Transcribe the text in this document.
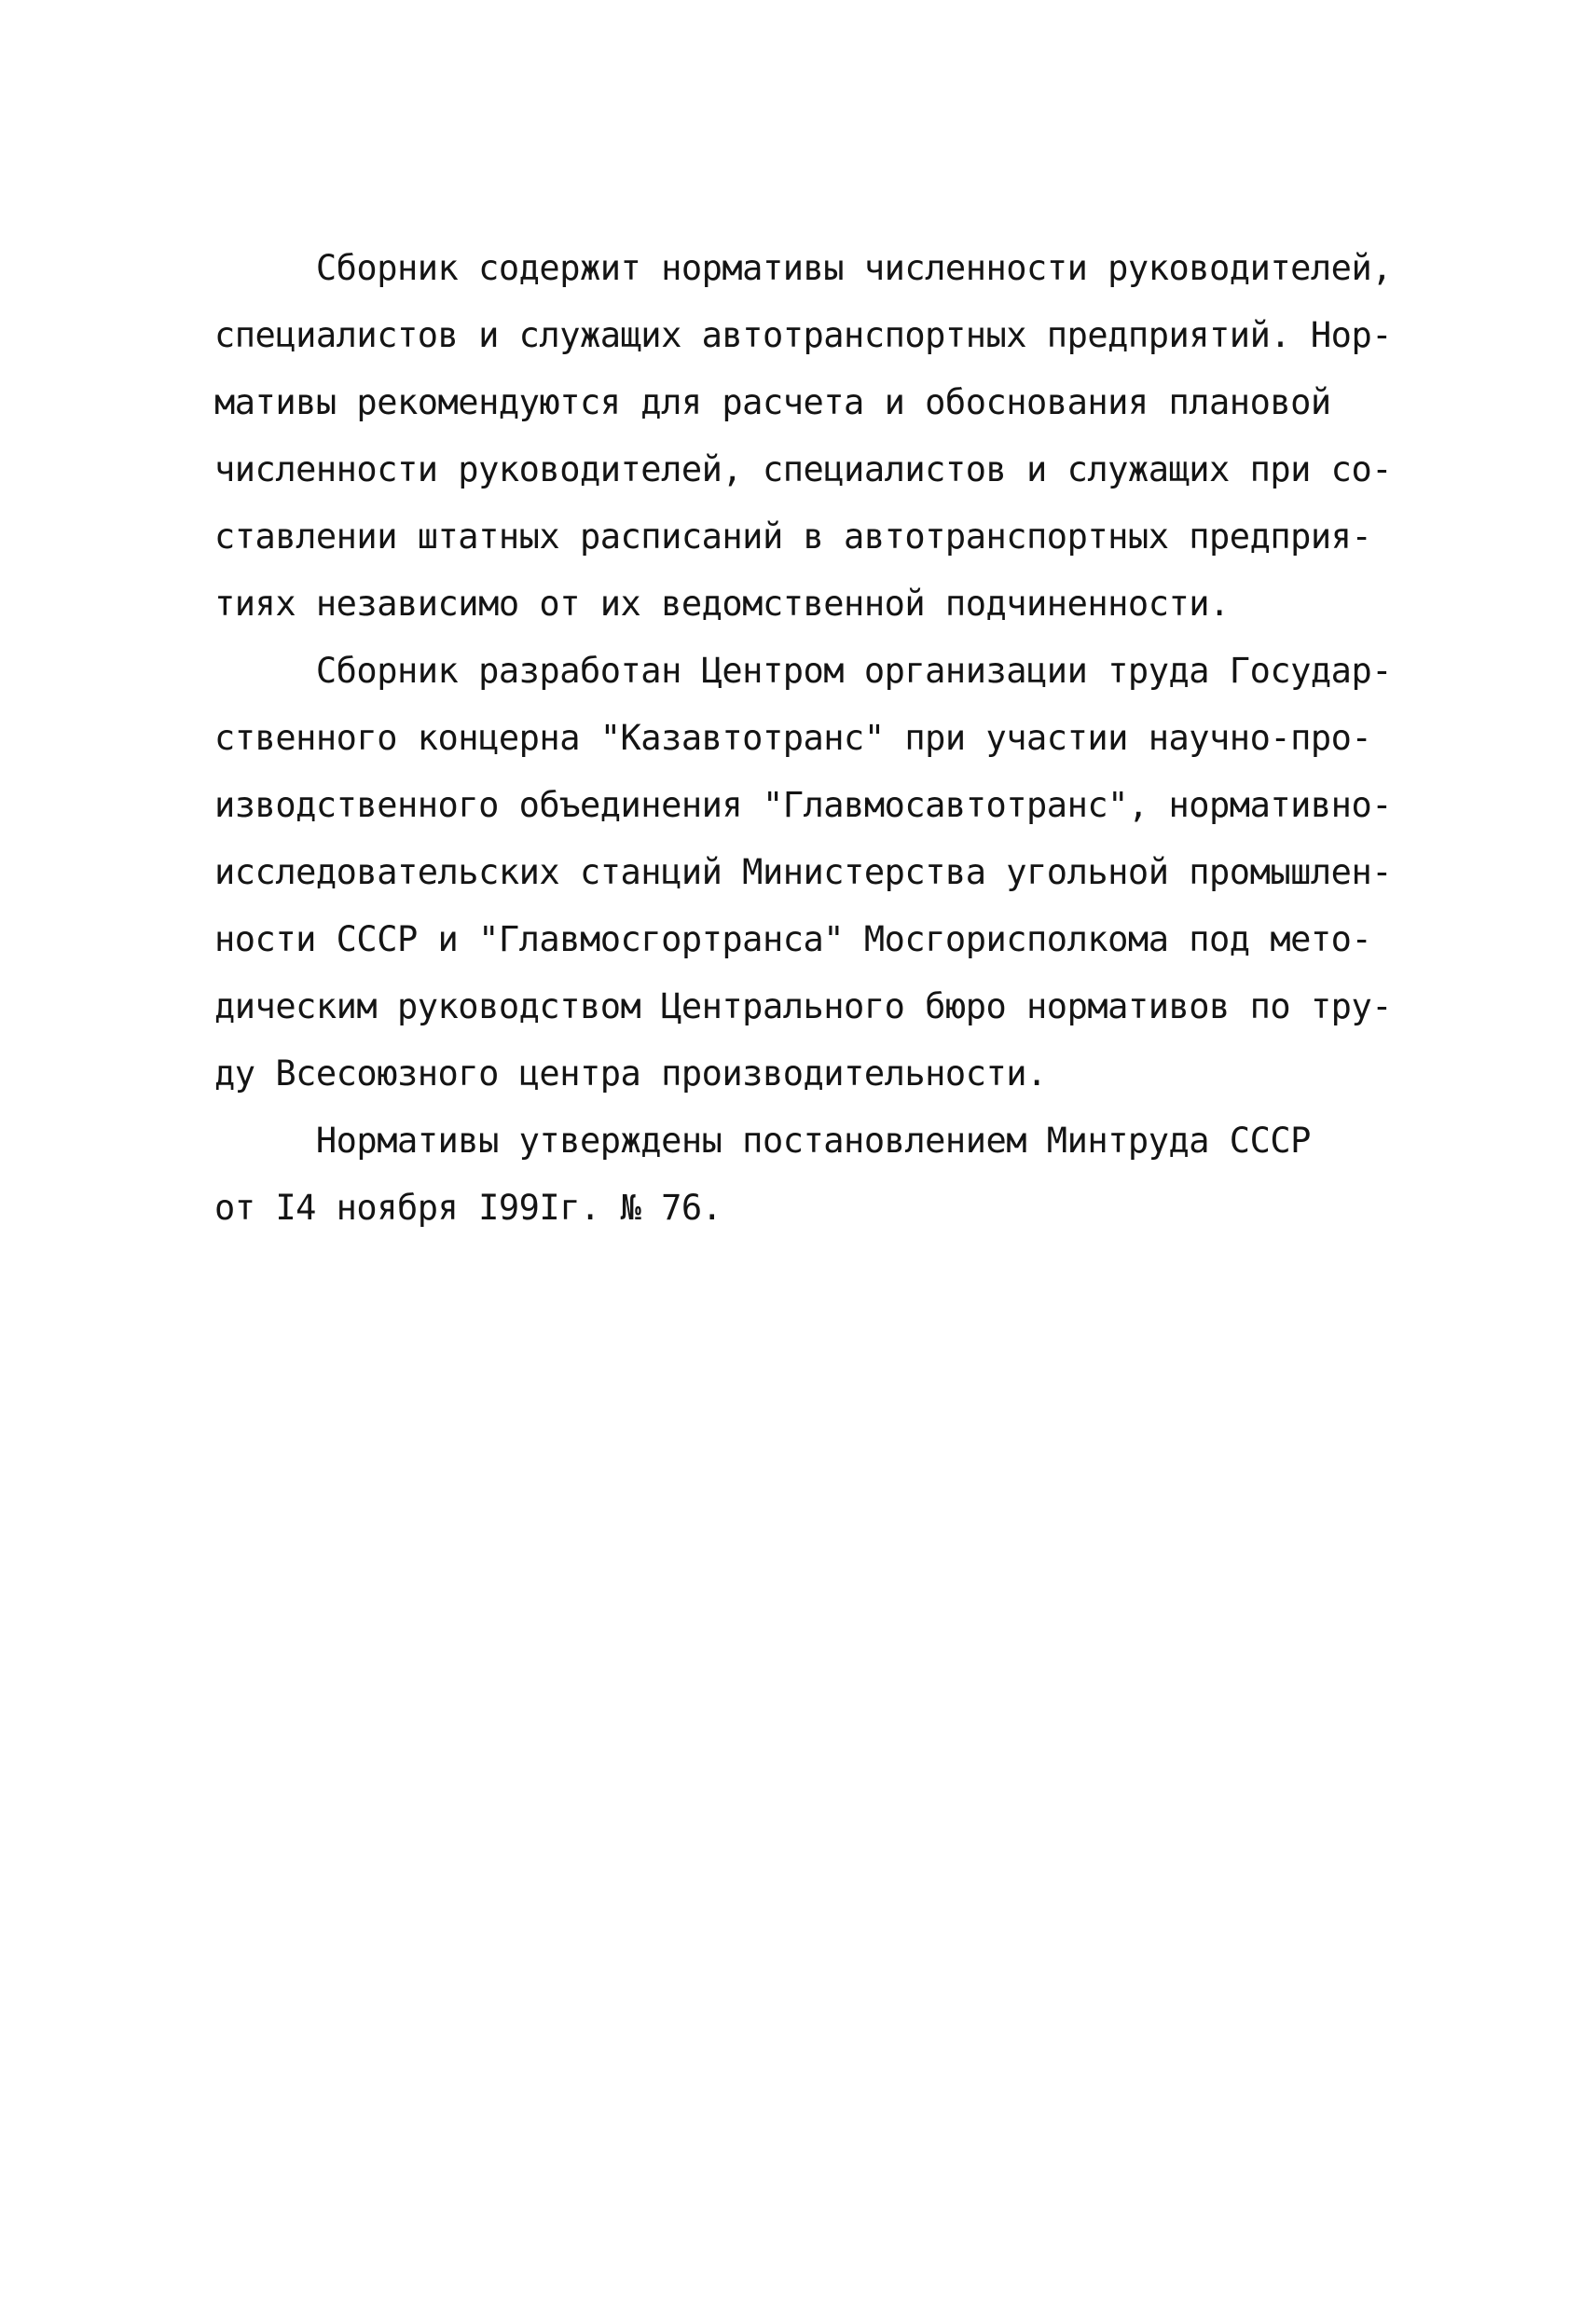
Сборник содержит нормативы численности руководителей,
специалистов и служащих автотранспортных предприятий. Нор-
мативы рекомендуются для расчета и обоснования плановой
численности руководителей, специалистов и служащих при со-
ставлении штатных расписаний в автотранспортных предприя-
тиях независимо от их ведомственной подчиненности.
Сборник разработан Центром организации труда Государ-
ственного концерна "Казавтотранс" при участии научно-про-
изводственного объединения "Главмосавтотранс", нормативно-
исследовательских станций Министерства угольной промышлен-
ности СССР и "Главмосгортранса" Мосгорисполкома под мето-
дическим руководством Центрального бюро нормативов по тру-
ду Всесоюзного центра производительности.
Нормативы утверждены постановлением Минтруда СССР
от I4 ноября I99Iг. № 76.
